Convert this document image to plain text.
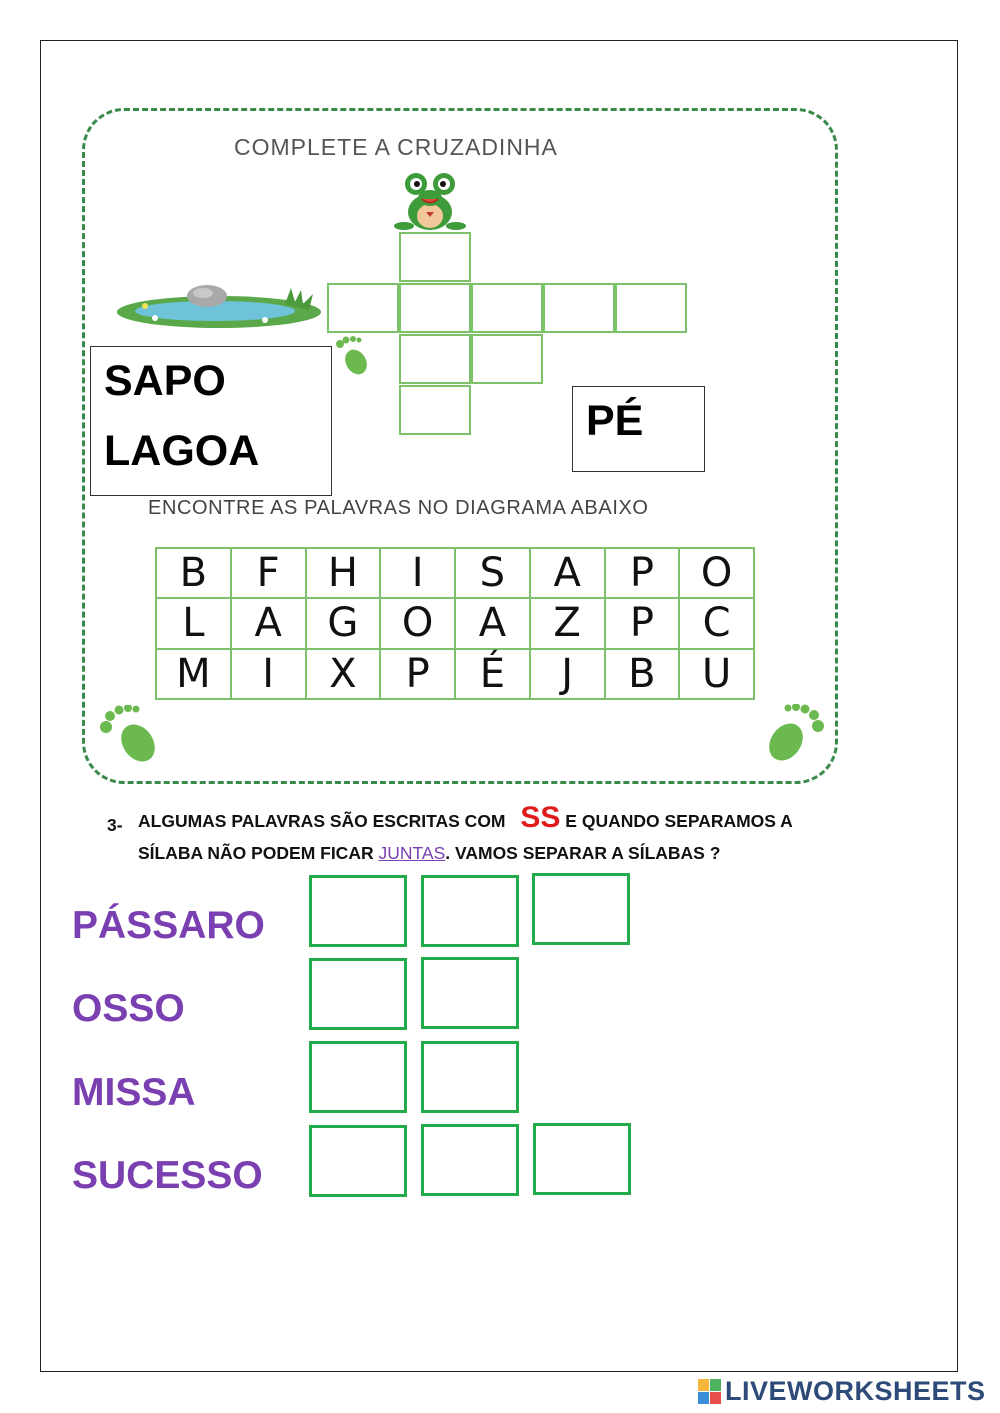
COMPLETE A CRUZADINHA
SAPO
LAGOA
PÉ
ENCONTRE AS PALAVRAS NO DIAGRAMA ABAIXO
B	F	H	I	S	A	P	O
L	A	G	O	A	Z	P	C
M	I	X	P	É	J	B	U
3- ALGUMAS PALAVRAS SÃO ESCRITAS COM SS E QUANDO SEPARAMOS A
SÍLABA NÃO PODEM FICAR JUNTAS. VAMOS SEPARAR A SÍLABAS ?
PÁSSARO
OSSO
MISSA
SUCESSO
LIVEWORKSHEETS
